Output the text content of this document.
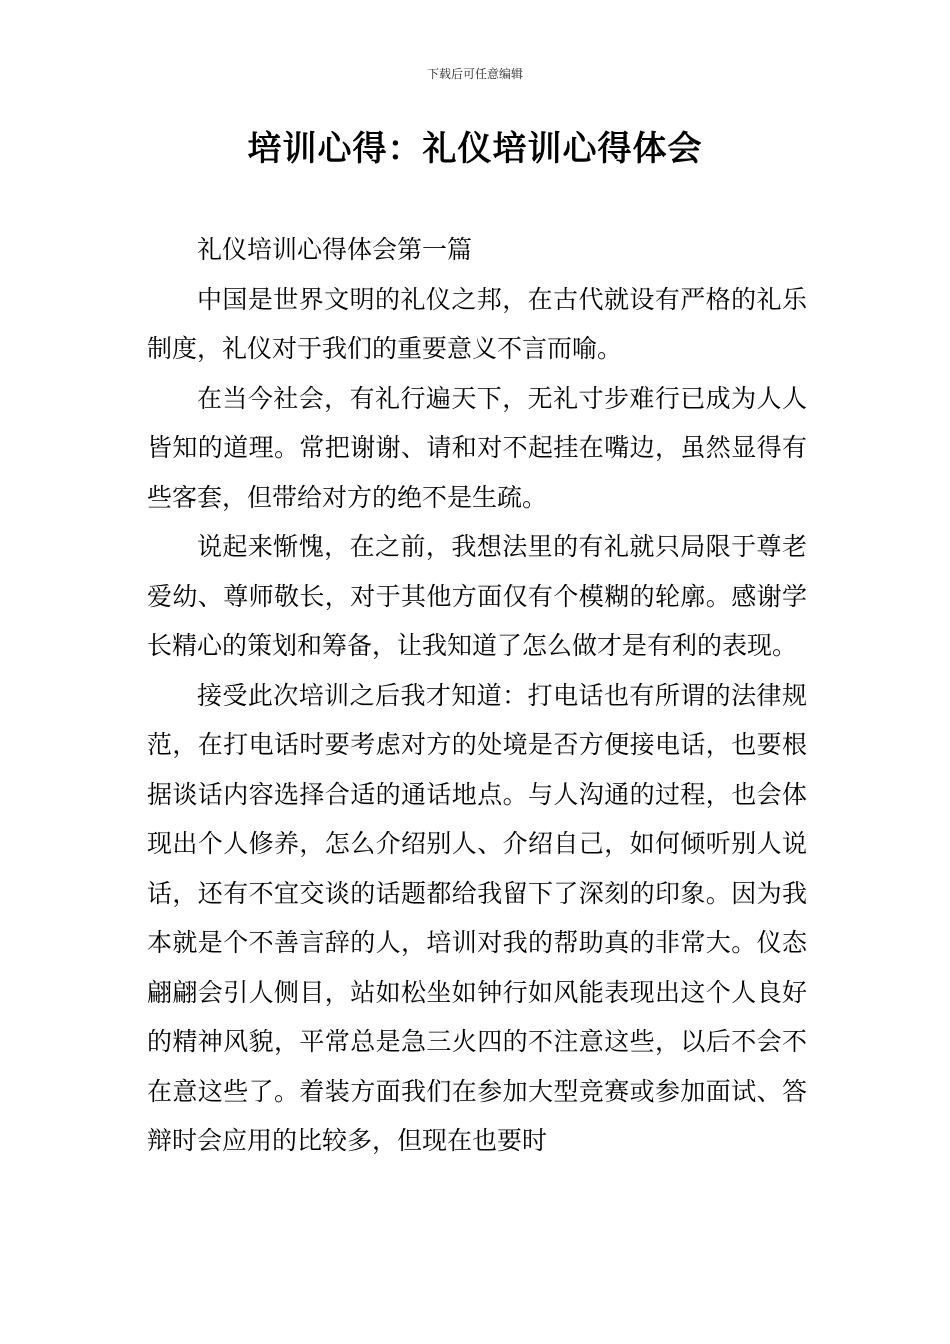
下载后可任意编辑
培训心得：礼仪培训心得体会

礼仪培训心得体会第一篇

中国是世界文明的礼仪之邦，在古代就设有严格的礼乐制度，礼仪对于我们的重要意义不言而喻。

在当今社会，有礼行遍天下，无礼寸步难行已成为人人皆知的道理。常把谢谢、请和对不起挂在嘴边，虽然显得有些客套，但带给对方的绝不是生疏。

说起来惭愧，在之前，我想法里的有礼就只局限于尊老爱幼、尊师敬长，对于其他方面仅有个模糊的轮廓。感谢学长精心的策划和筹备，让我知道了怎么做才是有利的表现。

接受此次培训之后我才知道：打电话也有所谓的法律规范，在打电话时要考虑对方的处境是否方便接电话，也要根据谈话内容选择合适的通话地点。与人沟通的过程，也会体现出个人修养，怎么介绍别人、介绍自己，如何倾听别人说话，还有不宜交谈的话题都给我留下了深刻的印象。因为我本就是个不善言辞的人，培训对我的帮助真的非常大。仪态翩翩会引人侧目，站如松坐如钟行如风能表现出这个人良好的精神风貌，平常总是急三火四的不注意这些，以后不会不在意这些了。着装方面我们在参加大型竞赛或参加面试、答辩时会应用的比较多，但现在也要时
